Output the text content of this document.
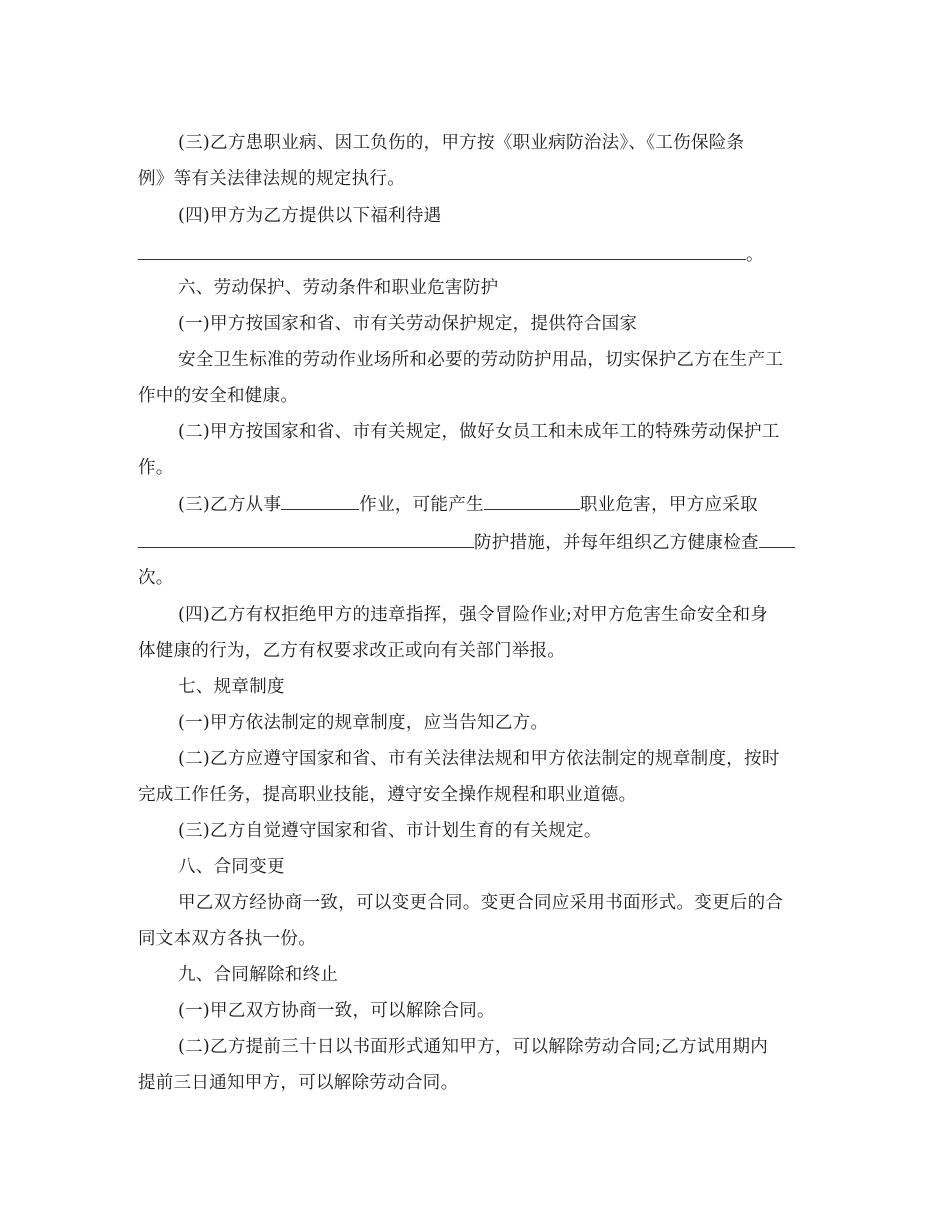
(三)乙方患职业病、因工负伤的，甲方按《职业病防治法》、《工伤保险条
例》等有关法律法规的规定执行。
(四)甲方为乙方提供以下福利待遇
。
六、劳动保护、劳动条件和职业危害防护
(一)甲方按国家和省、市有关劳动保护规定，提供符合国家
安全卫生标准的劳动作业场所和必要的劳动防护用品，切实保护乙方在生产工
作中的安全和健康。
(二)甲方按国家和省、市有关规定，做好女员工和未成年工的特殊劳动保护工
作。
(三)乙方从事	作业，可能产生	职业危害，甲方应采取
防护措施，并每年组织乙方健康检查
次。
(四)乙方有权拒绝甲方的违章指挥，强令冒险作业;对甲方危害生命安全和身
体健康的行为，乙方有权要求改正或向有关部门举报。
七、规章制度
(一)甲方依法制定的规章制度，应当告知乙方。
(二)乙方应遵守国家和省、市有关法律法规和甲方依法制定的规章制度，按时
完成工作任务，提高职业技能，遵守安全操作规程和职业道德。
(三)乙方自觉遵守国家和省、市计划生育的有关规定。
八、合同变更
甲乙双方经协商一致，可以变更合同。变更合同应采用书面形式。变更后的合
同文本双方各执一份。
九、合同解除和终止
(一)甲乙双方协商一致，可以解除合同。
(二)乙方提前三十日以书面形式通知甲方，可以解除劳动合同;乙方试用期内
提前三日通知甲方，可以解除劳动合同。
